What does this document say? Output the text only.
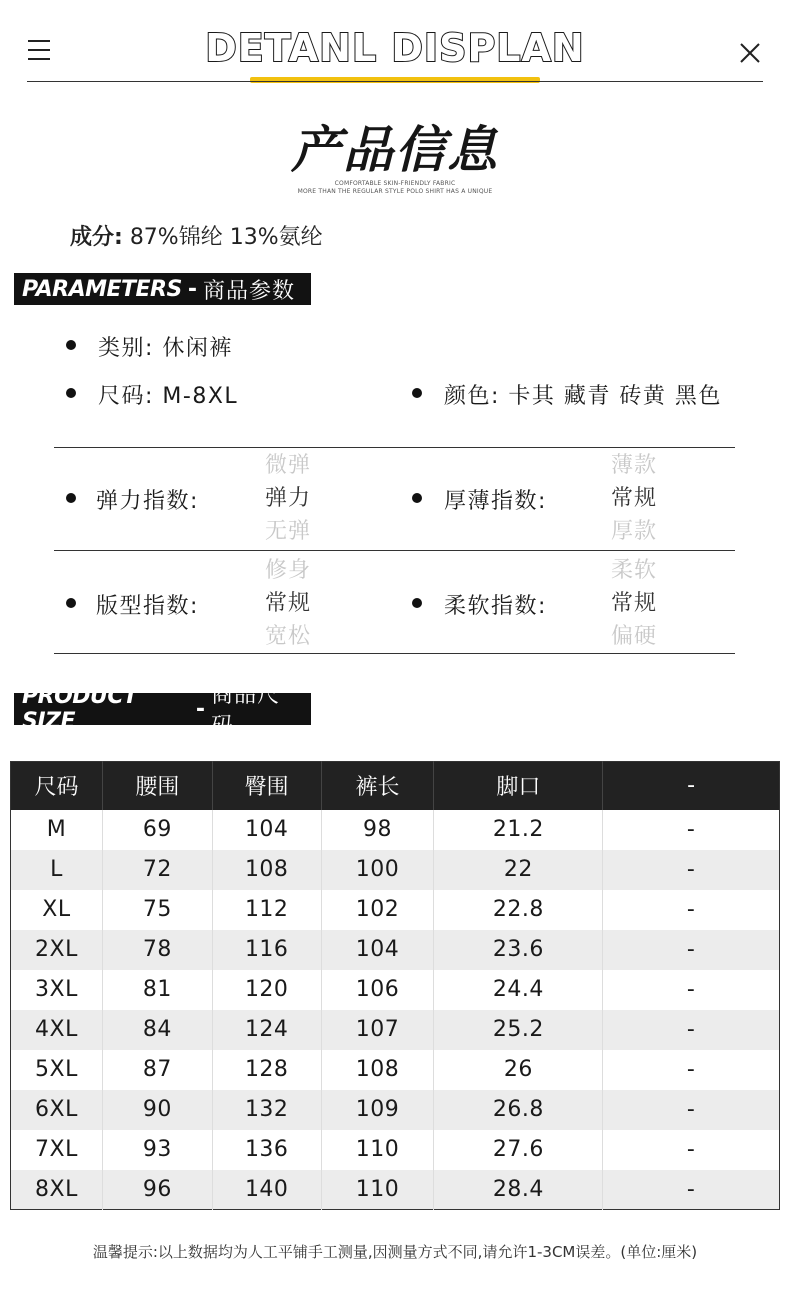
DETANL DISPLAN
产品信息
COMFORTABLE SKIN-FRIENDLY FABRIC
MORE THAN THE REGULAR STYLE POLO SHIRT HAS A UNIQUE
成分: 87%锦纶 13%氨纶
PARAMETERS - 商品参数
类别: 休闲裤
尺码: M-8XL	颜色: 卡其 藏青 砖黄 黑色
弹力指数:
微弹
弹力
无弹
厚薄指数:
薄款
常规
厚款
版型指数:
修身
常规
宽松
柔软指数:
柔软
常规
偏硬
PRODUCT SIZE	-
商品尺码
尺码	腰围	臀围	裤长	脚口	-
M	69	104	98	21.2	-
L	72	108	100	22	-
XL	75	112	102	22.8	-
2XL	78	116	104	23.6	-
3XL	81	120	106	24.4	-
4XL	84	124	107	25.2	-
5XL	87	128	108	26	-
6XL	90	132	109	26.8	-
7XL	93	136	110	27.6	-
8XL	96	140	110	28.4	-
温馨提示:以上数据均为人工平铺手工测量,因测量方式不同,请允许1-3CM误差。(单位:厘米)
